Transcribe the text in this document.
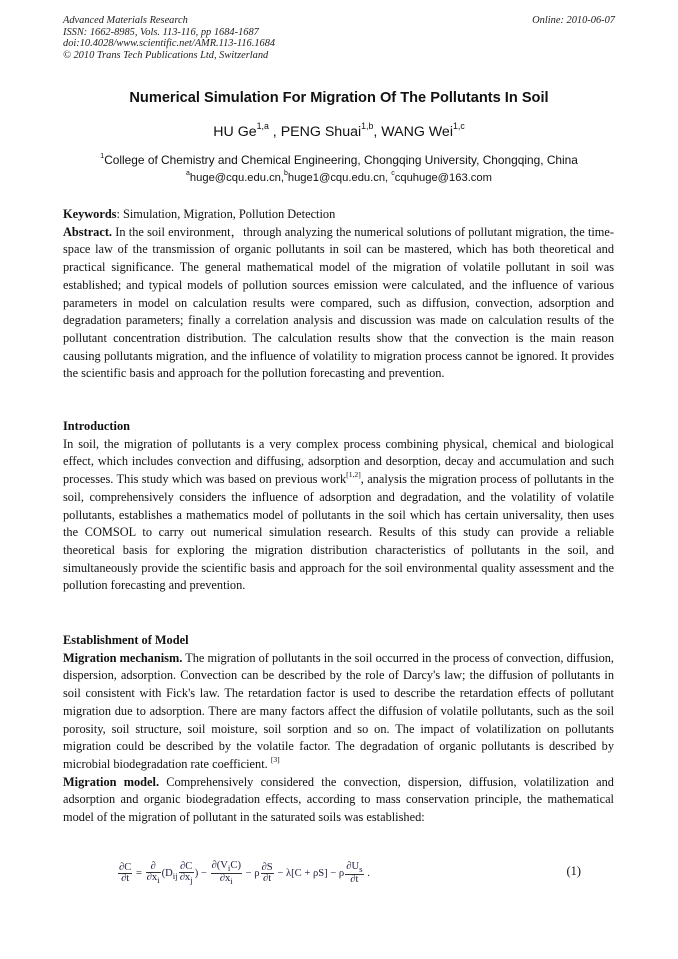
Advanced Materials Research
ISSN: 1662-8985, Vols. 113-116, pp 1684-1687
doi:10.4028/www.scientific.net/AMR.113-116.1684
© 2010 Trans Tech Publications Ltd, Switzerland
Online: 2010-06-07
Numerical Simulation For Migration Of The Pollutants In Soil
HU Ge$^{1,a}$ , PENG Shuai$^{1,b}$, WANG Wei$^{1,c}$
$^1$College of Chemistry and Chemical Engineering, Chongqing University, Chongqing, China
$^a$huge@cqu.edu.cn,$^b$huge1@cqu.edu.cn, $^c$cquhuge@163.com

Keywords: Simulation, Migration, Pollution Detection

Abstract. In the soil environment，through analyzing the numerical solutions of pollutant migration, the time-space law of the transmission of organic pollutants in soil can be mastered, which has both theoretical and practical significance. The general mathematical model of the migration of volatile pollutant in soil was established; and typical models of pollution sources emission were calculated, and the influence of various parameters in model on calculation results were compared, such as diffusion, convection, adsorption and degradation parameters; finally a correlation analysis and discussion was made on calculation results of the pollutant concentration distribution. The calculation results show that the convection is the main reason causing pollutants migration, and the influence of volatility to migration process cannot be ignored. It provides the scientific basis and approach for the pollution forecasting and prevention.

Introduction

In soil, the migration of pollutants is a very complex process combining physical, chemical and biological effect, which includes convection and diffusing, adsorption and desorption, decay and accumulation and such processes. This study which was based on previous work[1,2], analysis the migration process of pollutants in the soil, comprehensively considers the influence of adsorption and degradation, and the volatility of volatile pollutants, establishes a mathematics model of pollutants in the soil which has certain universality, then uses the COMSOL to carry out numerical simulation research. Results of this study can provide a reliable theoretical basis for exploring the migration distribution characteristics of pollutants in the soil, and simultaneously provide the scientific basis and approach for the soil environmental quality assessment and the pollution forecasting and prevention.

Establishment of Model

Migration mechanism. The migration of pollutants in the soil occurred in the process of convection, diffusion, dispersion, adsorption. Convection can be described by the role of Darcy's law; the diffusion of pollutants in soil consistent with Fick's law. The retardation factor is used to describe the retardation effects of pollutant migration due to adsorption. There are many factors affect the diffusion of volatile pollutants, such as the soil porosity, soil structure, soil moisture, soil sorption and so on. The impact of volatilization on pollutants migration could be described by the volatile factor. The degradation of organic pollutants is described by microbial biodegradation rate coefficient. [3]

Migration model. Comprehensively considered the convection, dispersion, diffusion, volatilization and adsorption and organic biodegradation effects, according to mass conservation principle, the mathematical model of the migration of pollutant in the saturated soils was established:

$\frac{\partial C}{\partial t} = \frac{\partial}{\partial x_i} (D_{ij} \frac{\partial C}{\partial x_j}$ ) − $\frac{\partial(V_iC)}{\partial x_i} - \rho \frac{\partial S}{\partial t} - \lambda[C + \rho S] - \rho \frac{\partial U_s}{\partial t}$ .	(1)
